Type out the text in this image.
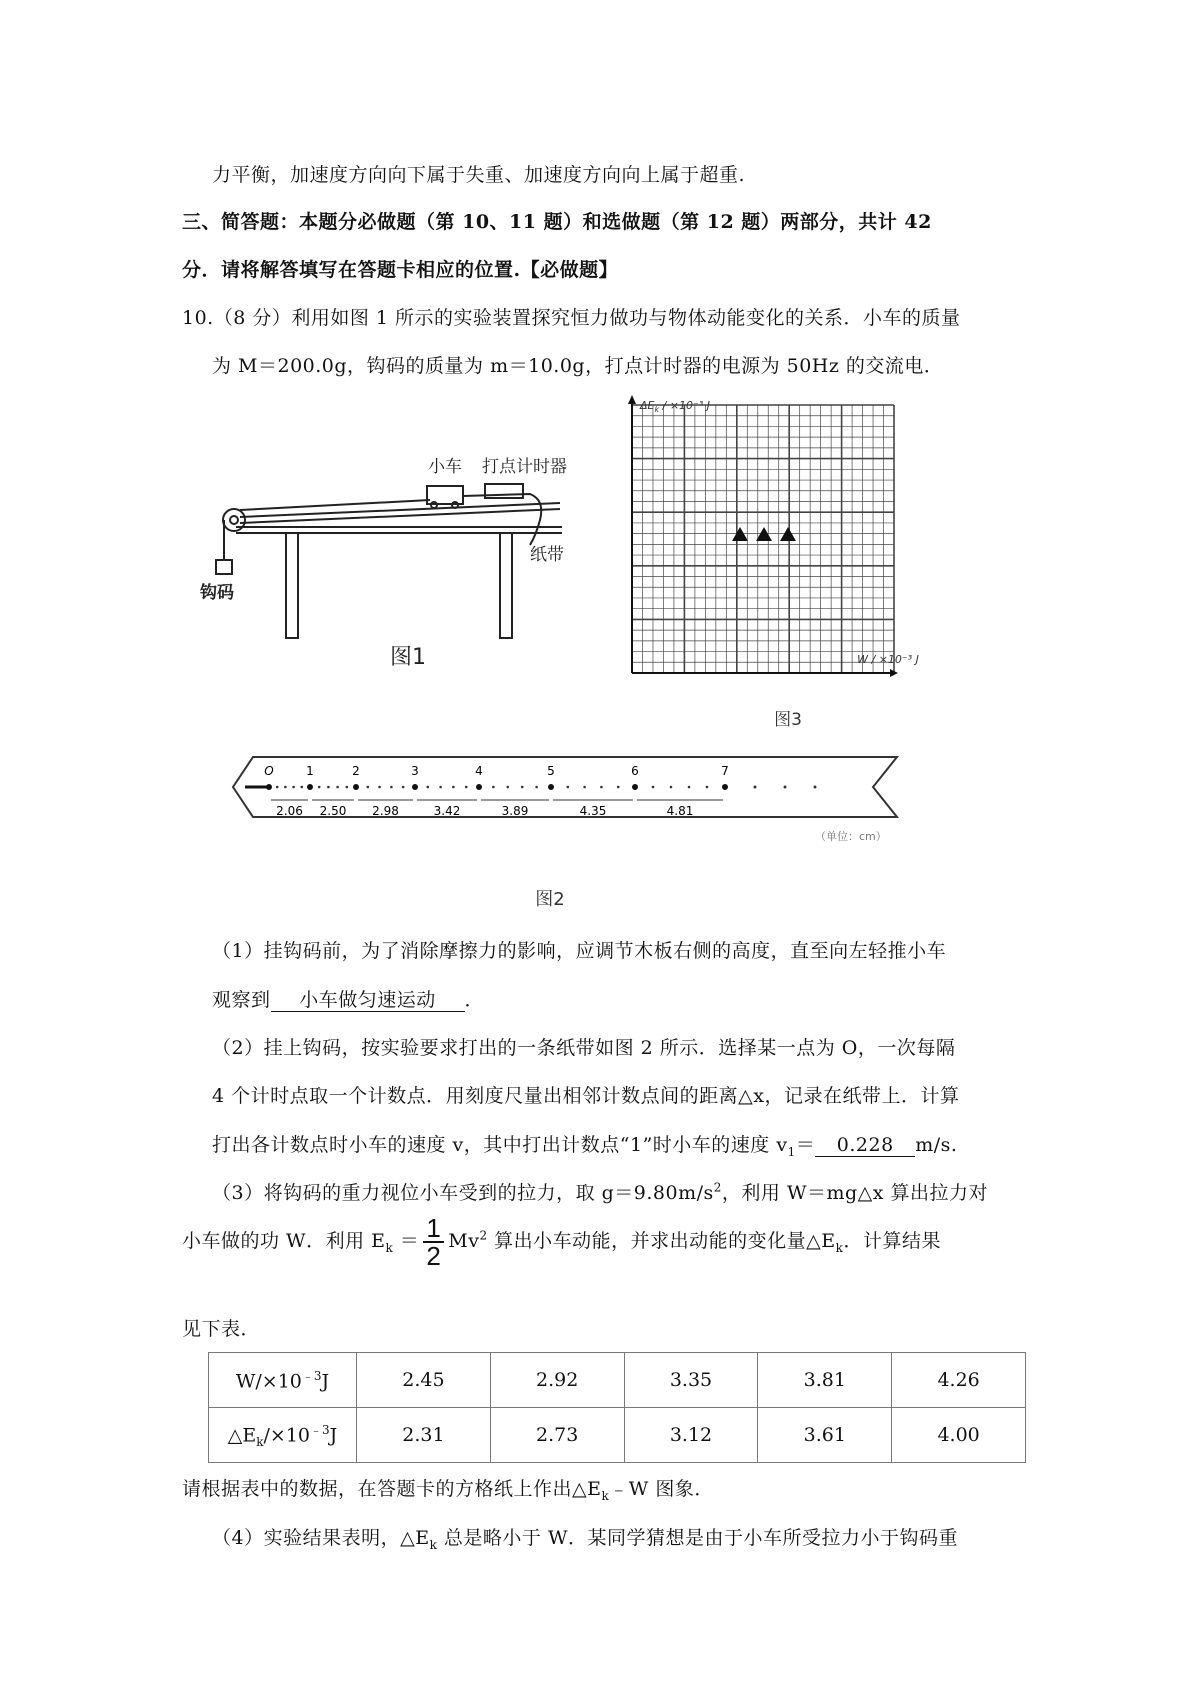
力平衡，加速度方向向下属于失重、加速度方向向上属于超重.
三、简答题：本题分必做题（第 10、11 题）和选做题（第 12 题）两部分，共计 42
分．请将解答填写在答题卡相应的位置.【必做题】
10.（8 分）利用如图 1 所示的实验装置探究恒力做功与物体动能变化的关系．小车的质量
为 M＝200.0g，钩码的质量为 m＝10.0g，打点计时器的电源为 50Hz 的交流电．
小车 打点计时器
纸带
钩码
图1
$\Delta E_k / \times 10^{-3}$ J
W / ×10⁻³ J
图3
O
2.06
1
2.50
2
2.98
3
3.42
4
3.89
5
4.35
6
4.81
7
（单位：cm）
图2
（1）挂钩码前，为了消除摩擦力的影响，应调节木板右侧的高度，直至向左轻推小车
观察到 小车做匀速运动 ．
（2）挂上钩码，按实验要求打出的一条纸带如图 2 所示．选择某一点为 O，一次每隔
4 个计时点取一个计数点．用刻度尺量出相邻计数点间的距离△x，记录在纸带上．计算
打出各计数点时小车的速度 v，其中打出计数点“1”时小车的速度 $v_1= 0.228$ m/s.
（3）将钩码的重力视位小车受到的拉力，取 $g=9.80m/s^2$，利用 W＝mg△x 算出拉力对
小车做的功 W．利用 $E_k = \frac{1}{2} Mv^2$ 算出小车动能，并求出动能的变化量$\triangle E_k$．计算结果
见下表．
$W/\times 10^{﹣3}J$	2.45	2.92	3.35	3.81	4.26
$\triangle E_k/\times 10^{﹣3}J$	2.31	2.73	3.12	3.61	4.00
请根据表中的数据，在答题卡的方格纸上作出$\triangle E_k﹣W$ 图象．
（4）实验结果表明，$\triangle E_k$ 总是略小于 W．某同学猜想是由于小车所受拉力小于钩码重
